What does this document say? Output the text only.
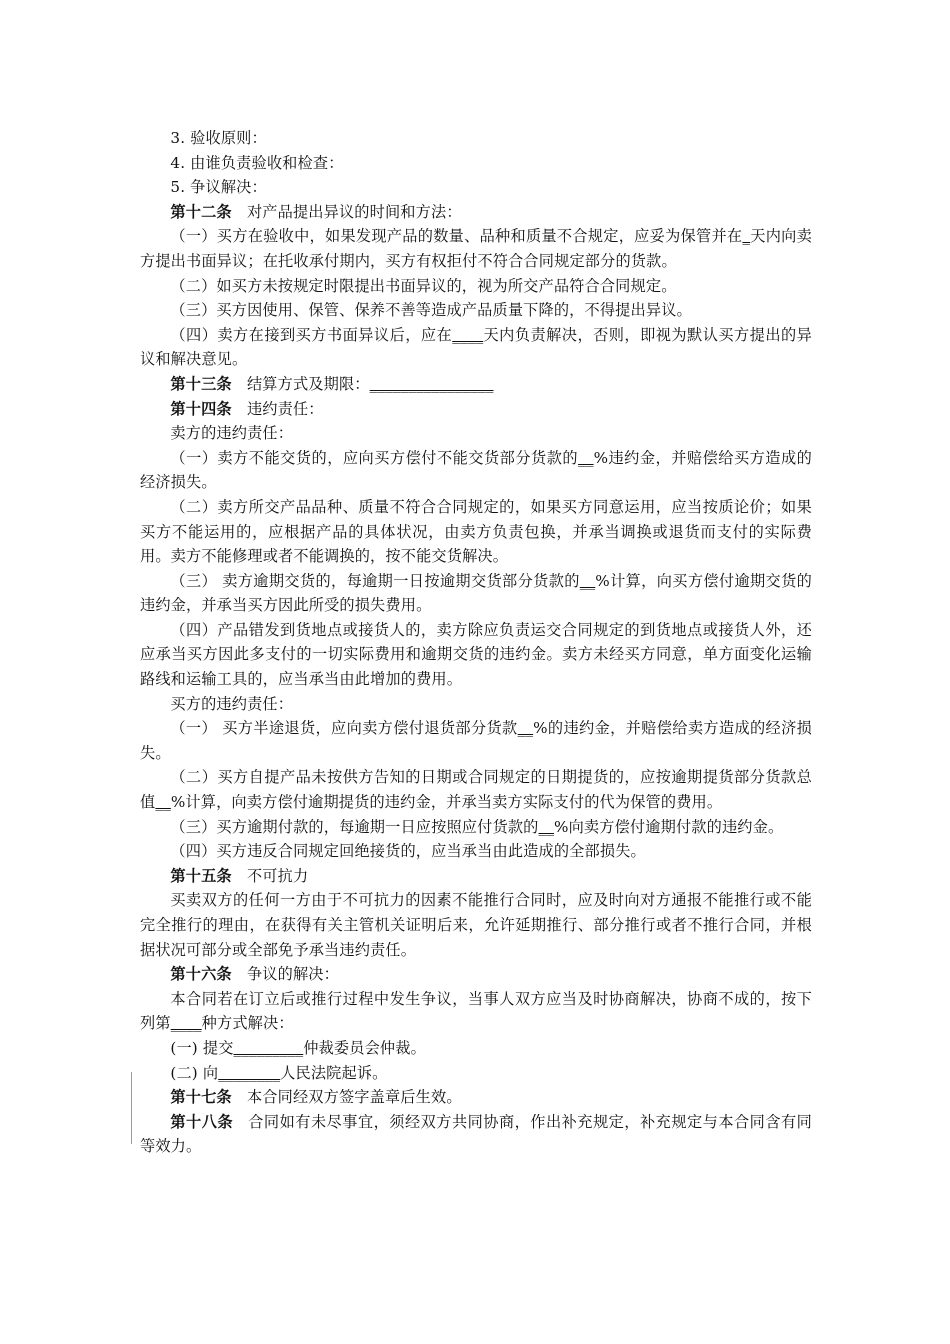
3. 验收原则：

4. 由谁负责验收和检查：

5. 争议解决：

第十二条 对产品提出异议的时间和方法：

（一）买方在验收中，如果发现产品的数量、品种和质量不合规定，应妥为保管并在_天内向卖方提出书面异议；在托收承付期内，买方有权拒付不符合合同规定部分的货款。

（二）如买方未按规定时限提出书面异议的，视为所交产品符合合同规定。

（三）买方因使用、保管、保养不善等造成产品质量下降的，不得提出异议。

（四）卖方在接到买方书面异议后，应在____天内负责解决，否则，即视为默认买方提出的异议和解决意见。

第十三条 结算方式及期限：________________

第十四条 违约责任：

卖方的违约责任：

（一）卖方不能交货的，应向买方偿付不能交货部分货款的__%违约金，并赔偿给买方造成的经济损失。

（二）卖方所交产品品种、质量不符合合同规定的，如果买方同意运用，应当按质论价；如果买方不能运用的，应根据产品的具体状况，由卖方负责包换，并承当调换或退货而支付的实际费用。卖方不能修理或者不能调换的，按不能交货解决。

（三） 卖方逾期交货的，每逾期一日按逾期交货部分货款的__%计算，向买方偿付逾期交货的违约金，并承当买方因此所受的损失费用。

（四）产品错发到货地点或接货人的，卖方除应负责运交合同规定的到货地点或接货人外，还应承当买方因此多支付的一切实际费用和逾期交货的违约金。卖方未经买方同意，单方面变化运输路线和运输工具的，应当承当由此增加的费用。

买方的违约责任：

（一） 买方半途退货，应向卖方偿付退货部分货款__%的违约金，并赔偿给卖方造成的经济损失。

（二）买方自提产品未按供方告知的日期或合同规定的日期提货的，应按逾期提货部分货款总值__%计算，向卖方偿付逾期提货的违约金，并承当卖方实际支付的代为保管的费用。

（三）买方逾期付款的，每逾期一日应按照应付货款的__%向卖方偿付逾期付款的违约金。

（四）买方违反合同规定回绝接货的，应当承当由此造成的全部损失。

第十五条 不可抗力

买卖双方的任何一方由于不可抗力的因素不能推行合同时，应及时向对方通报不能推行或不能完全推行的理由，在获得有关主管机关证明后来，允许延期推行、部分推行或者不推行合同，并根据状况可部分或全部免予承当违约责任。

第十六条 争议的解决：

本合同若在订立后或推行过程中发生争议，当事人双方应当及时协商解决，协商不成的，按下列第____种方式解决：

(一) 提交_________仲裁委员会仲裁。

(二) 向________人民法院起诉。

第十七条 本合同经双方签字盖章后生效。

第十八条 合同如有未尽事宜，须经双方共同协商，作出补充规定，补充规定与本合同含有同等效力。
